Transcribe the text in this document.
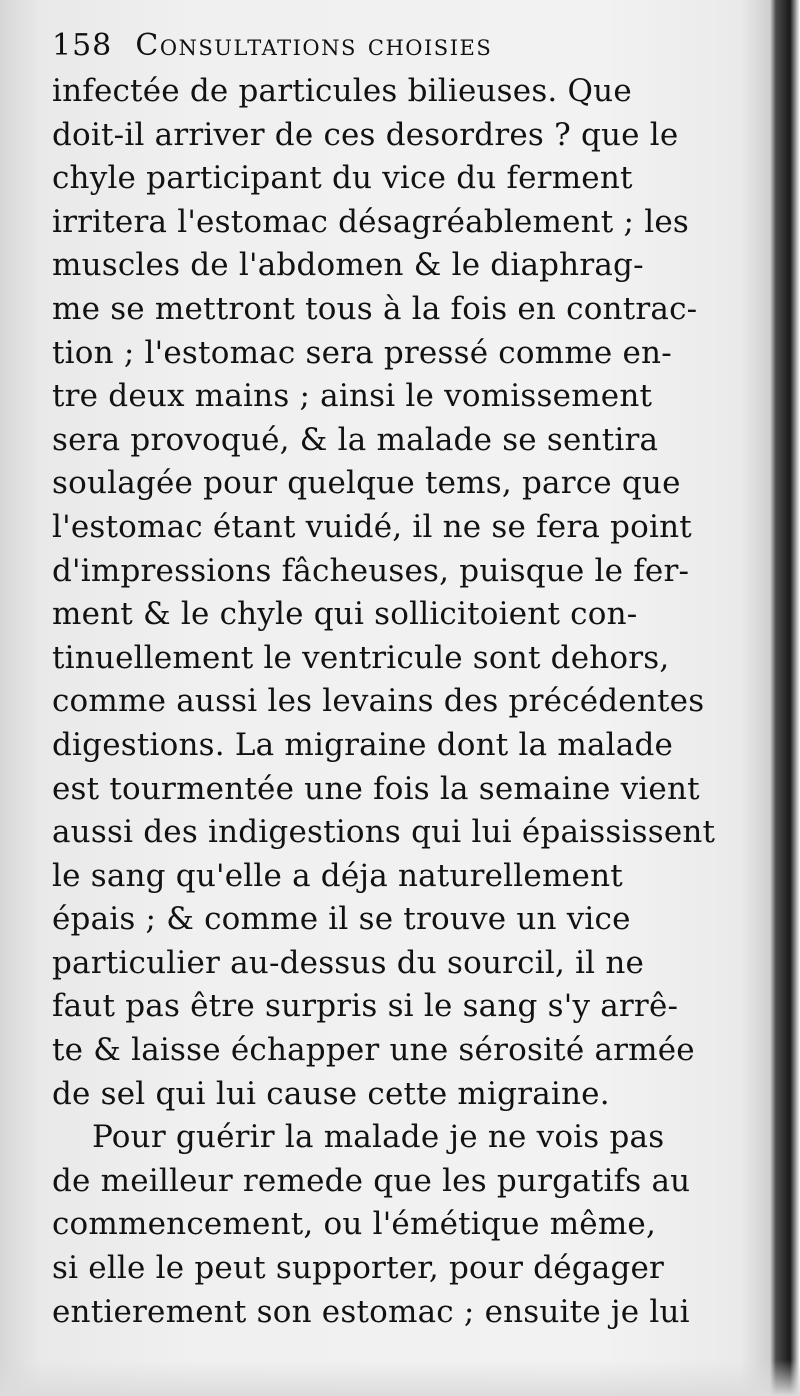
158 Consultations choisies
infectée de particules bilieuses. Que
doit-il arriver de ces desordres ? que le
chyle participant du vice du ferment
irritera l'estomac désagréablement ; les
muscles de l'abdomen & le diaphrag-
me se mettront tous à la fois en contrac-
tion ; l'estomac sera pressé comme en-
tre deux mains ; ainsi le vomissement
sera provoqué, & la malade se sentira
soulagée pour quelque tems, parce que
l'estomac étant vuidé, il ne se fera point
d'impressions fâcheuses, puisque le fer-
ment & le chyle qui sollicitoient con-
tinuellement le ventricule sont dehors,
comme aussi les levains des précédentes
digestions. La migraine dont la malade
est tourmentée une fois la semaine vient
aussi des indigestions qui lui épaississent
le sang qu'elle a déja naturellement
épais ; & comme il se trouve un vice
particulier au-dessus du sourcil, il ne
faut pas être surpris si le sang s'y arrê-
te & laisse échapper une sérosité armée
de sel qui lui cause cette migraine.
Pour guérir la malade je ne vois pas
de meilleur remede que les purgatifs au
commencement, ou l'émétique même,
si elle le peut supporter, pour dégager
entierement son estomac ; ensuite je lui
